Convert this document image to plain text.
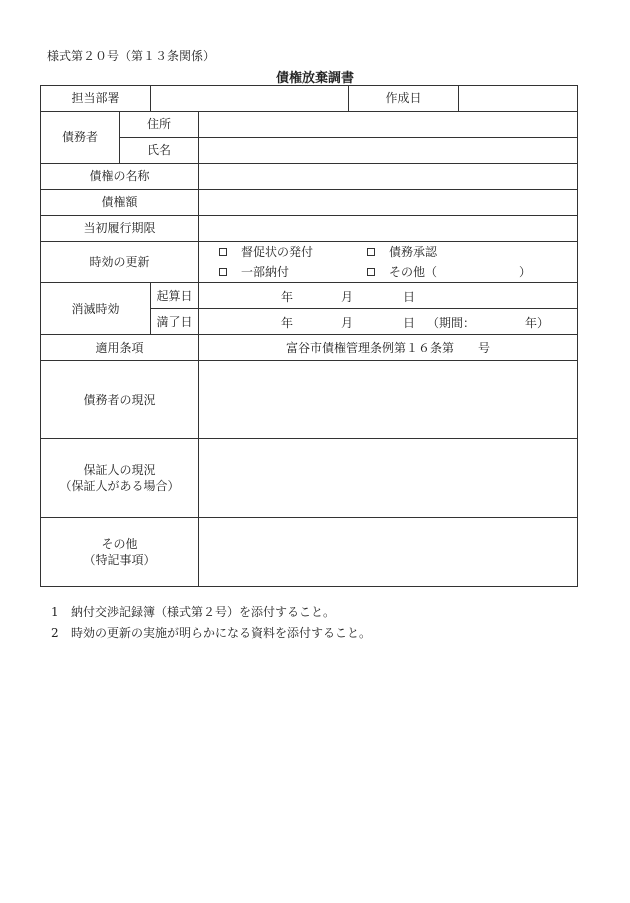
様式第２０号（第１３条関係）
債権放棄調書
担当部署				作成日	
債務者	住所				
	氏名				
債権の名称					
債権額					
当初履行期限					
時効の更新			督促状の発付 債務承認
一部納付 その他（ ）		

消滅時効		起算日	年 月 日		

		満了日	年 月 日 （期間： 年）		

適用条項			富谷市債権管理条例第１６条第　　号		
債務者の現況					

保証人の現況
（保証人がある場合）					

その他
（特記事項）					

1	納付交渉記録簿（様式第２号）を添付すること。
2	時効の更新の実施が明らかになる資料を添付すること。
